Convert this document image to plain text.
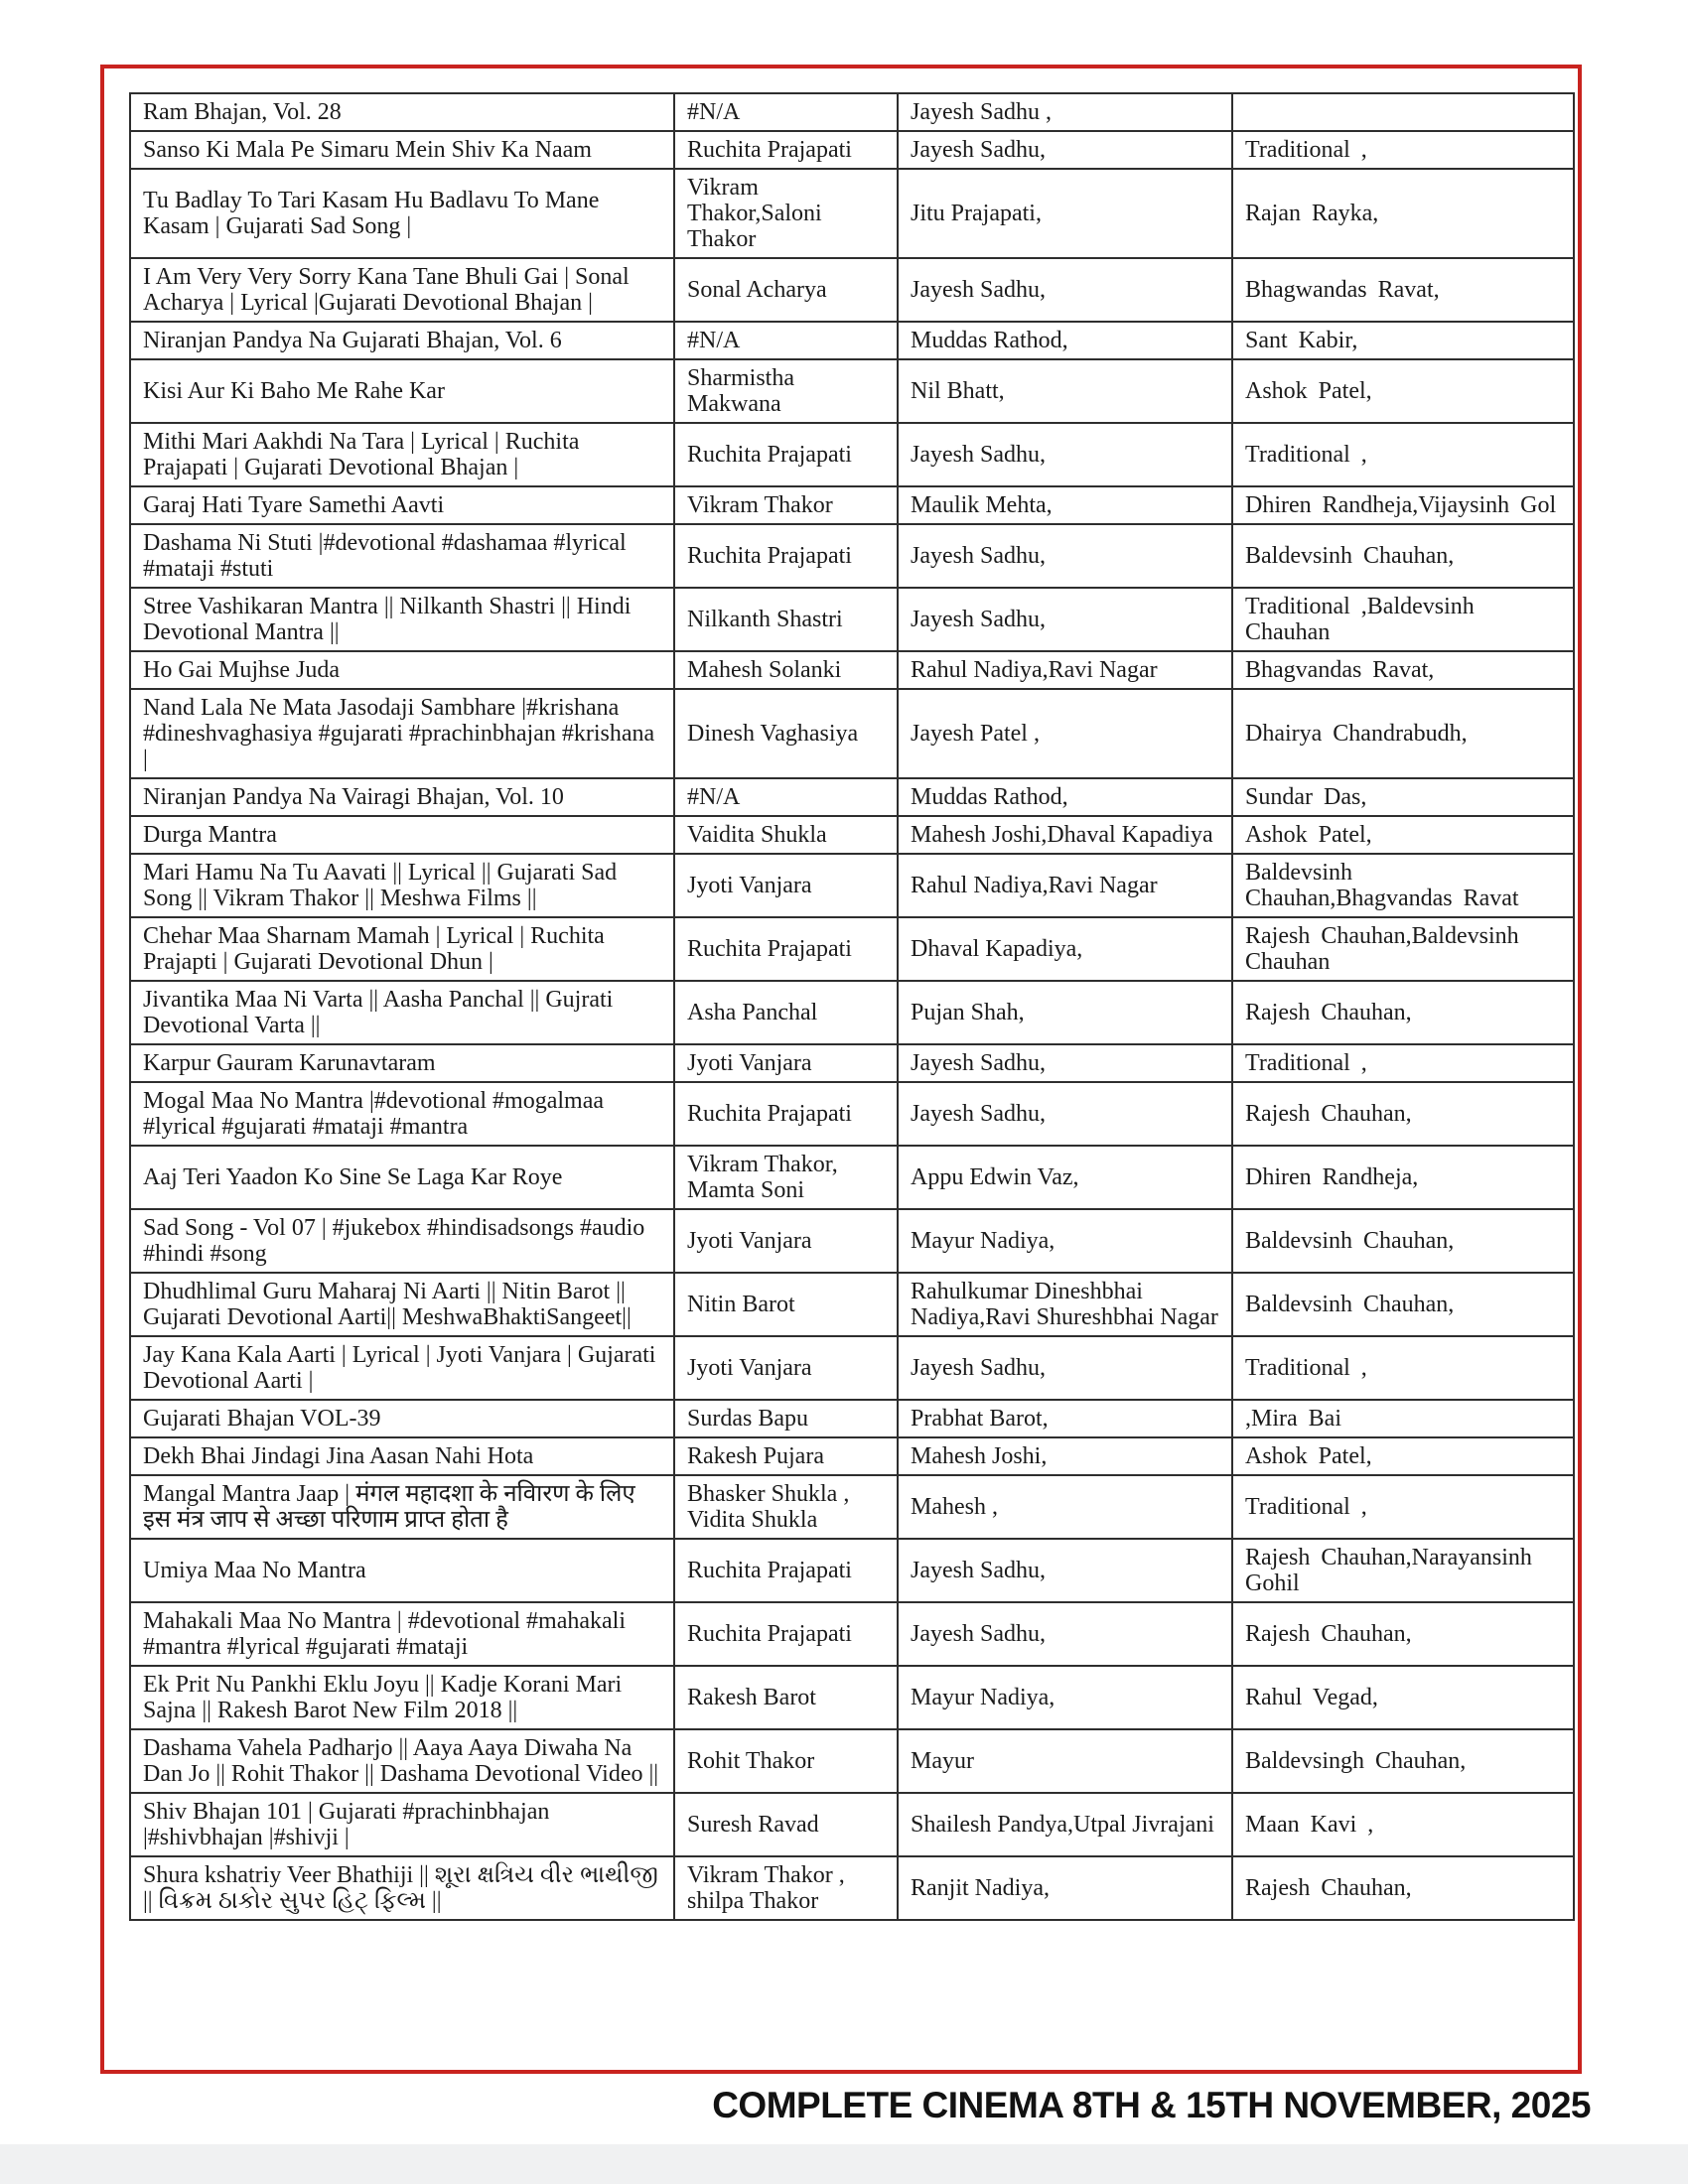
Ram Bhajan, Vol. 28	#N/A	Jayesh Sadhu ,	
Sanso Ki Mala Pe Simaru Mein Shiv Ka Naam	Ruchita Prajapati	Jayesh Sadhu,	Traditional ,
Tu Badlay To Tari Kasam Hu Badlavu To Mane Kasam | Gujarati Sad Song |	Vikram Thakor,Saloni Thakor	Jitu Prajapati,	Rajan Rayka,
I Am Very Very Sorry Kana Tane Bhuli Gai | Sonal Acharya | Lyrical |Gujarati Devotional Bhajan |	Sonal Acharya	Jayesh Sadhu,	Bhagwandas Ravat,
Niranjan Pandya Na Gujarati Bhajan, Vol. 6	#N/A	Muddas Rathod,	Sant Kabir,
Kisi Aur Ki Baho Me Rahe Kar	Sharmistha Makwana	Nil Bhatt,	Ashok Patel,
Mithi Mari Aakhdi Na Tara | Lyrical | Ruchita Prajapati | Gujarati Devotional Bhajan |	Ruchita Prajapati	Jayesh Sadhu,	Traditional ,
Garaj Hati Tyare Samethi Aavti	Vikram Thakor	Maulik Mehta,	Dhiren Randheja,Vijaysinh Gol
Dashama Ni Stuti |#devotional #dashamaa #lyrical #mataji #stuti	Ruchita Prajapati	Jayesh Sadhu,	Baldevsinh Chauhan,
Stree Vashikaran Mantra || Nilkanth Shastri || Hindi Devotional Mantra ||	Nilkanth Shastri	Jayesh Sadhu,	Traditional ,Baldevsinh Chauhan
Ho Gai Mujhse Juda	Mahesh Solanki	Rahul Nadiya,Ravi Nagar	Bhagvandas Ravat,
Nand Lala Ne Mata Jasodaji Sambhare |#krishana #dineshvaghasiya #gujarati #prachinbhajan #krishana |	Dinesh Vaghasiya	Jayesh Patel ,	Dhairya Chandrabudh,
Niranjan Pandya Na Vairagi Bhajan, Vol. 10	#N/A	Muddas Rathod,	Sundar Das,
Durga Mantra	Vaidita Shukla	Mahesh Joshi,Dhaval Kapadiya	Ashok Patel,
Mari Hamu Na Tu Aavati || Lyrical || Gujarati Sad Song || Vikram Thakor || Meshwa Films ||	Jyoti Vanjara	Rahul Nadiya,Ravi Nagar	Baldevsinh Chauhan,Bhagvandas Ravat
Chehar Maa Sharnam Mamah | Lyrical | Ruchita Prajapti | Gujarati Devotional Dhun |	Ruchita Prajapati	Dhaval Kapadiya,	Rajesh Chauhan,Baldevsinh Chauhan
Jivantika Maa Ni Varta || Aasha Panchal || Gujrati Devotional Varta ||	Asha Panchal	Pujan Shah,	Rajesh Chauhan,
Karpur Gauram Karunavtaram	Jyoti Vanjara	Jayesh Sadhu,	Traditional ,
Mogal Maa No Mantra |#devotional #mogalmaa #lyrical #gujarati #mataji #mantra	Ruchita Prajapati	Jayesh Sadhu,	Rajesh Chauhan,
Aaj Teri Yaadon Ko Sine Se Laga Kar Roye	Vikram Thakor, Mamta Soni	Appu Edwin Vaz,	Dhiren Randheja,
Sad Song - Vol 07 | #jukebox #hindisadsongs #audio #hindi #song	Jyoti Vanjara	Mayur Nadiya,	Baldevsinh Chauhan,
Dhudhlimal Guru Maharaj Ni Aarti || Nitin Barot || Gujarati Devotional Aarti|| MeshwaBhaktiSangeet||	Nitin Barot	Rahulkumar Dineshbhai Nadiya,Ravi Shureshbhai Nagar	Baldevsinh Chauhan,
Jay Kana Kala Aarti | Lyrical | Jyoti Vanjara | Gujarati Devotional Aarti |	Jyoti Vanjara	Jayesh Sadhu,	Traditional ,
Gujarati Bhajan VOL-39	Surdas Bapu	Prabhat Barot,	,Mira Bai
Dekh Bhai Jindagi Jina Aasan Nahi Hota	Rakesh Pujara	Mahesh Joshi,	Ashok Patel,
Mangal Mantra Jaap | मंगल महादशा के नविारण के लिए इस मंत्र जाप से अच्छा परिणाम प्राप्त होता है	Bhasker Shukla , Vidita Shukla	Mahesh ,	Traditional ,
Umiya Maa No Mantra	Ruchita Prajapati	Jayesh Sadhu,	Rajesh Chauhan,Narayansinh Gohil
Mahakali Maa No Mantra | #devotional #mahakali #mantra #lyrical #gujarati #mataji	Ruchita Prajapati	Jayesh Sadhu,	Rajesh Chauhan,
Ek Prit Nu Pankhi Eklu Joyu || Kadje Korani Mari Sajna || Rakesh Barot New Film 2018 ||	Rakesh Barot	Mayur Nadiya,	Rahul Vegad,
Dashama Vahela Padharjo || Aaya Aaya Diwaha Na Dan Jo || Rohit Thakor || Dashama Devotional Video ||	Rohit Thakor	Mayur	Baldevsingh Chauhan,
Shiv Bhajan 101 | Gujarati #prachinbhajan |#shivbhajan |#shivji |	Suresh Ravad	Shailesh Pandya,Utpal Jivrajani	Maan Kavi ,
Shura kshatriy Veer Bhathiji || શૂરા ક્ષત્રિય વીર ભાથીજી || વિક્રમ ઠાકોર સુપર હિટ્ ફિલ્મ ||	Vikram Thakor , shilpa Thakor	Ranjit Nadiya,	Rajesh Chauhan,
COMPLETE CINEMA 8TH & 15TH NOVEMBER, 2025
